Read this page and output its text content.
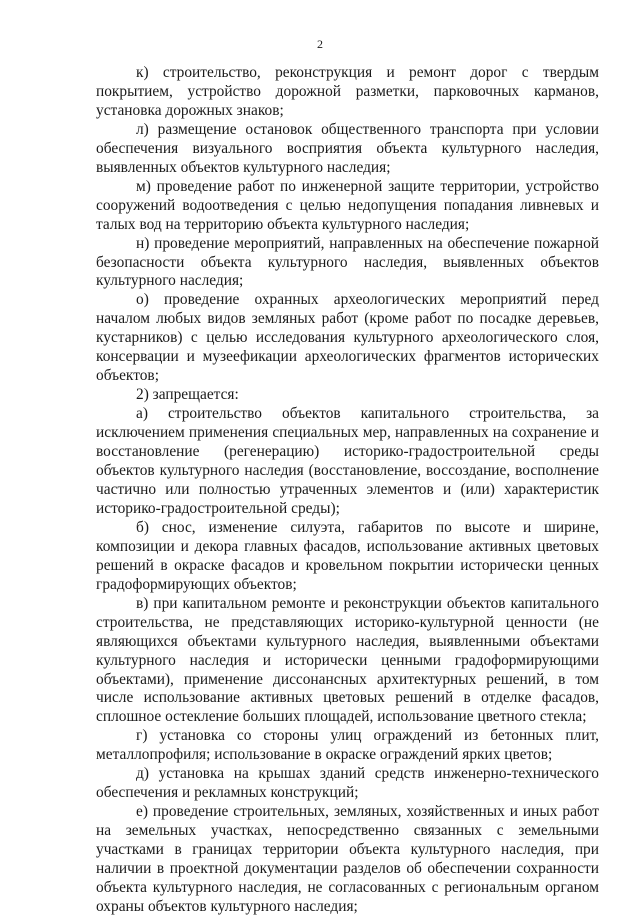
2

к) строительство, реконструкция и ремонт дорог с твердым покрытием, устройство дорожной разметки, парковочных карманов, установка дорожных знаков;

л) размещение остановок общественного транспорта при условии обеспечения визуального восприятия объекта культурного наследия, выявленных объектов культурного наследия;

м) проведение работ по инженерной защите территории, устройство сооружений водоотведения с целью недопущения попадания ливневых и талых вод на территорию объекта культурного наследия;

н) проведение мероприятий, направленных на обеспечение пожарной безопасности объекта культурного наследия, выявленных объектов культурного наследия;

о) проведение охранных археологических мероприятий перед началом любых видов земляных работ (кроме работ по посадке деревьев, кустарников) с целью исследования культурного археологического слоя, консервации и музеефикации археологических фрагментов исторических объектов;

2) запрещается:

а) строительство объектов капитального строительства, за исключением применения специальных мер, направленных на сохранение и восстановление (регенерацию) историко-градостроительной среды объектов культурного наследия (восстановление, воссоздание, восполнение частично или полностью утраченных элементов и (или) характеристик историко-градостроительной среды);

б) снос, изменение силуэта, габаритов по высоте и ширине, композиции и декора главных фасадов, использование активных цветовых решений в окраске фасадов и кровельном покрытии исторически ценных градоформирующих объектов;

в) при капитальном ремонте и реконструкции объектов капитального строительства, не представляющих историко-культурной ценности (не являющихся объектами культурного наследия, выявленными объектами культурного наследия и исторически ценными градоформирующими объектами), применение диссонансных архитектурных решений, в том числе использование активных цветовых решений в отделке фасадов, сплошное остекление больших площадей, использование цветного стекла;

г) установка со стороны улиц ограждений из бетонных плит, металлопрофиля; использование в окраске ограждений ярких цветов;

д) установка на крышах зданий средств инженерно-технического обеспечения и рекламных конструкций;

е) проведение строительных, земляных, хозяйственных и иных работ на земельных участках, непосредственно связанных с земельными участками в границах территории объекта культурного наследия, при наличии в проектной документации разделов об обеспечении сохранности объекта культурного наследия, не согласованных с региональным органом охраны объектов культурного наследия;
